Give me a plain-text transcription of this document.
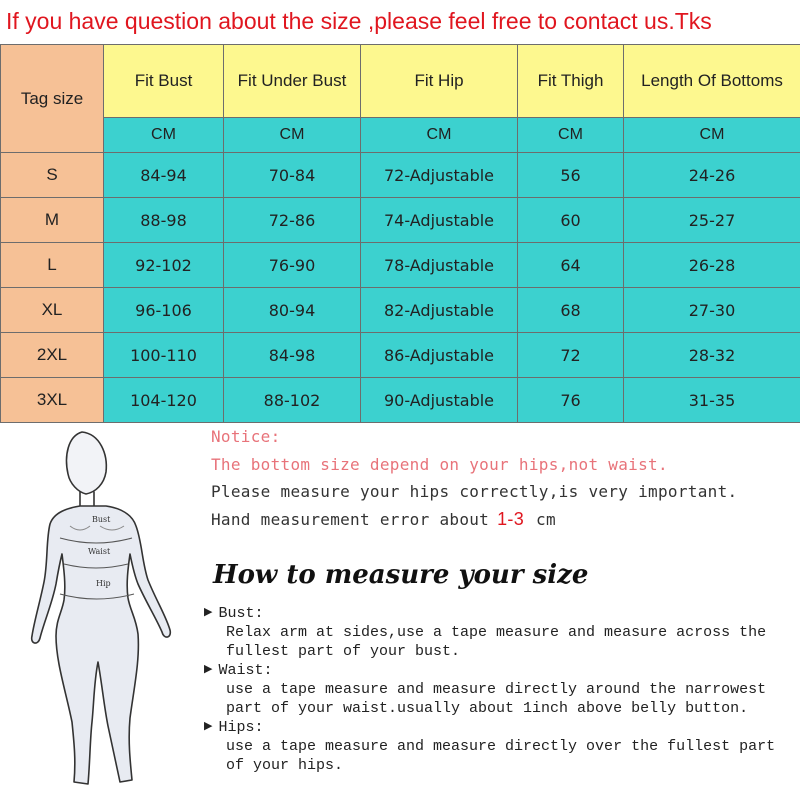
If you have question about the size ,please feel free to contact us.Tks
Tag size	Fit Bust	Fit Under Bust	Fit Hip	Fit Thigh	Length Of Bottoms
	CM	CM	CM	CM	CM
S	84-94	70-84	72-Adjustable	56	24-26
M	88-98	72-86	74-Adjustable	60	25-27
L	92-102	76-90	78-Adjustable	64	26-28
XL	96-106	80-94	82-Adjustable	68	27-30
2XL	100-110	84-98	86-Adjustable	72	28-32
3XL	104-120	88-102	90-Adjustable	76	31-35
Bust
Waist
Hip
Notice:
The bottom size depend on your hips,not waist.
Please measure your hips correctly,is very important.
Hand measurement error about 1-3 cm
How to measure your size
▶ Bust:
Relax arm at sides,use a tape measure and measure across the fullest part of your bust.
▶ Waist:
use a tape measure and measure directly around the narrowest part of your waist.usually about 1inch above belly button.
▶ Hips:
use a tape measure and measure directly over the fullest part of your hips.
